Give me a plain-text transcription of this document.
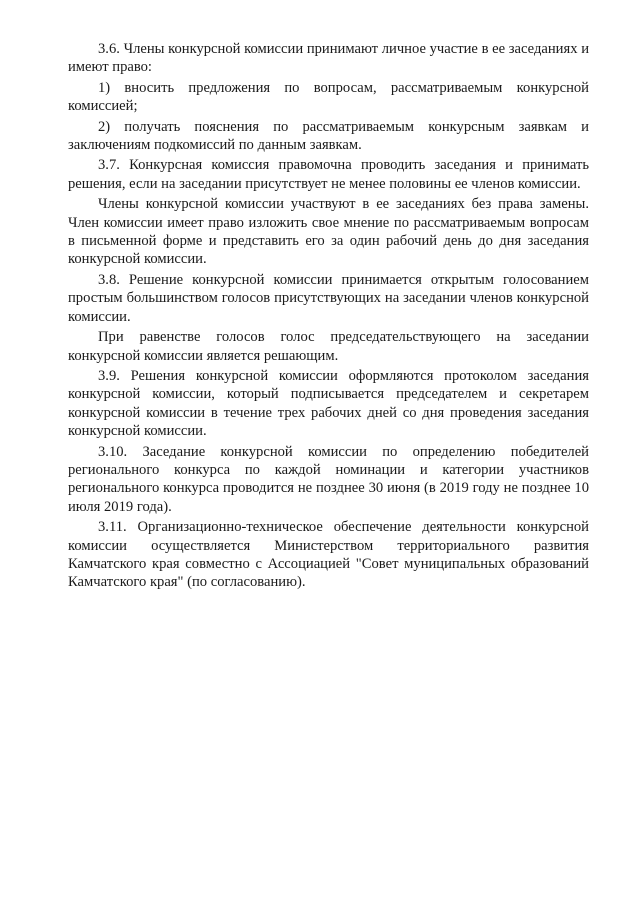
3.6. Члены конкурсной комиссии принимают личное участие в ее заседаниях и имеют право:

1) вносить предложения по вопросам, рассматриваемым конкурсной комиссией;

2) получать пояснения по рассматриваемым конкурсным заявкам и заключениям подкомиссий по данным заявкам.

3.7. Конкурсная комиссия правомочна проводить заседания и принимать решения, если на заседании присутствует не менее половины ее членов комиссии.

Члены конкурсной комиссии участвуют в ее заседаниях без права замены. Член комиссии имеет право изложить свое мнение по рассматриваемым вопросам в письменной форме и представить его за один рабочий день до дня заседания конкурсной комиссии.

3.8. Решение конкурсной комиссии принимается открытым голосованием простым большинством голосов присутствующих на заседании членов конкурсной комиссии.

При равенстве голосов голос председательствующего на заседании конкурсной комиссии является решающим.

3.9. Решения конкурсной комиссии оформляются протоколом заседания конкурсной комиссии, который подписывается председателем и секретарем конкурсной комиссии в течение трех рабочих дней со дня проведения заседания конкурсной комиссии.

3.10. Заседание конкурсной комиссии по определению победителей регионального конкурса по каждой номинации и категории участников регионального конкурса проводится не позднее 30 июня (в 2019 году не позднее 10 июля 2019 года).

3.11. Организационно-техническое обеспечение деятельности конкурсной комиссии осуществляется Министерством территориального развития Камчатского края совместно с Ассоциацией "Совет муниципальных образований Камчатского края" (по согласованию).
